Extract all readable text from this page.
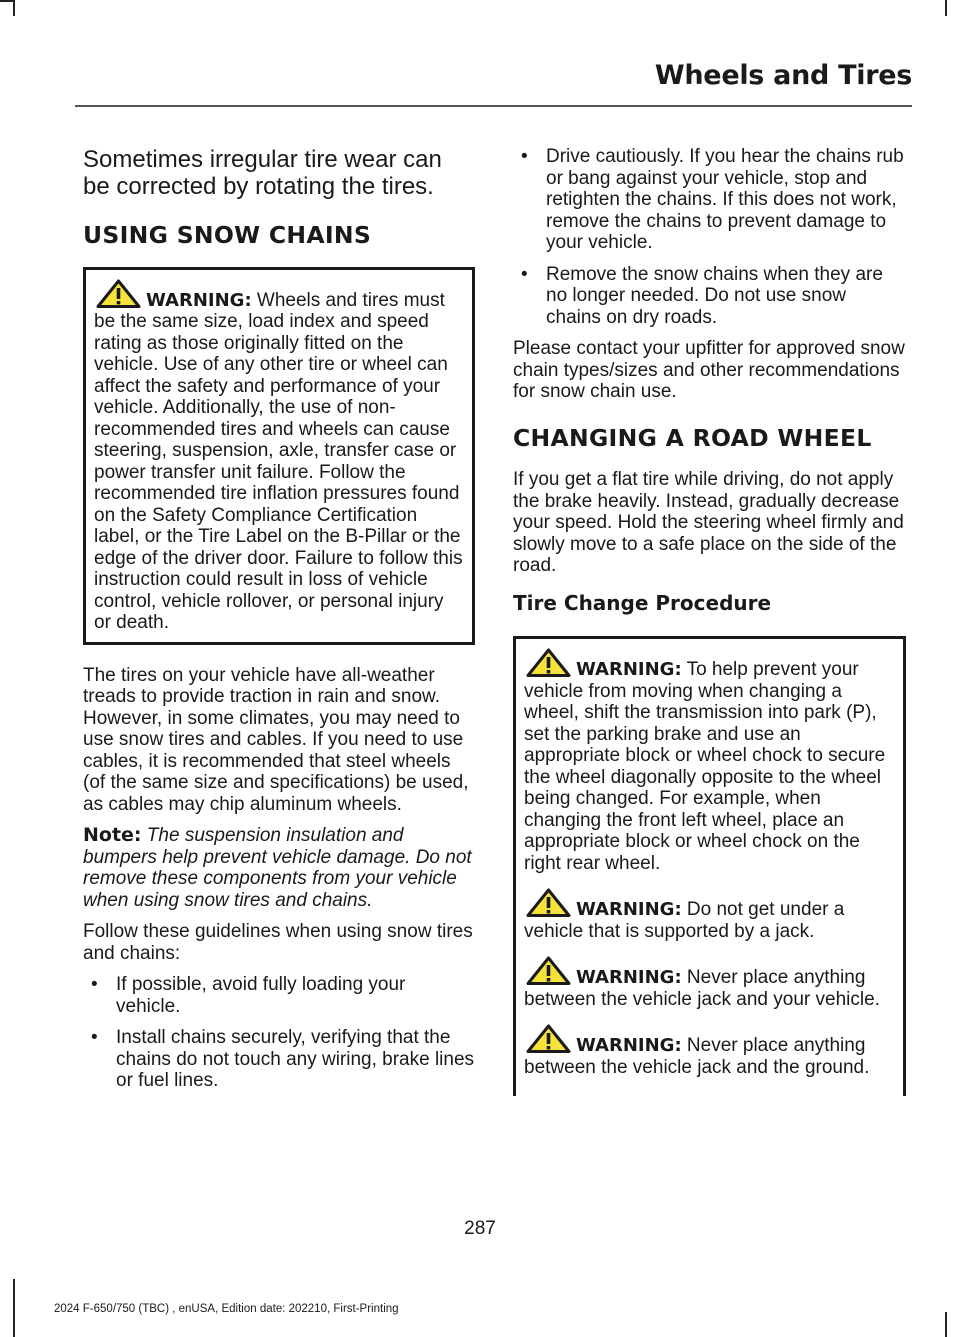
Wheels and Tires

Sometimes irregular tire wear can be corrected by rotating the tires.

USING SNOW CHAINS

WARNING: Wheels and tires must be the same size, load index and speed rating as those originally fitted on the vehicle. Use of any other tire or wheel can affect the safety and performance of your vehicle. Additionally, the use of non-recommended tires and wheels can cause steering, suspension, axle, transfer case or power transfer unit failure. Follow the recommended tire inflation pressures found on the Safety Compliance Certification label, or the Tire Label on the B-Pillar or the edge of the driver door. Failure to follow this instruction could result in loss of vehicle control, vehicle rollover, or personal injury or death.

The tires on your vehicle have all-weather treads to provide traction in rain and snow. However, in some climates, you may need to use snow tires and cables. If you need to use cables, it is recommended that steel wheels (of the same size and specifications) be used, as cables may chip aluminum wheels.

Note: The suspension insulation and bumpers help prevent vehicle damage. Do not remove these components from your vehicle when using snow tires and chains.

Follow these guidelines when using snow tires and chains:

• If possible, avoid fully loading your vehicle.
• Install chains securely, verifying that the chains do not touch any wiring, brake lines or fuel lines.
• Drive cautiously. If you hear the chains rub or bang against your vehicle, stop and retighten the chains. If this does not work, remove the chains to prevent damage to your vehicle.
• Remove the snow chains when they are no longer needed. Do not use snow chains on dry roads.

Please contact your upfitter for approved snow chain types/sizes and other recommendations for snow chain use.

CHANGING A ROAD WHEEL

If you get a flat tire while driving, do not apply the brake heavily. Instead, gradually decrease your speed. Hold the steering wheel firmly and slowly move to a safe place on the side of the road.

Tire Change Procedure

WARNING: To help prevent your vehicle from moving when changing a wheel, shift the transmission into park (P), set the parking brake and use an appropriate block or wheel chock to secure the wheel diagonally opposite to the wheel being changed. For example, when changing the front left wheel, place an appropriate block or wheel chock on the right rear wheel.

WARNING: Do not get under a vehicle that is supported by a jack.

WARNING: Never place anything between the vehicle jack and your vehicle.

WARNING: Never place anything between the vehicle jack and the ground.

287
2024 F-650/750 (TBC) , enUSA, Edition date: 202210, First-Printing
